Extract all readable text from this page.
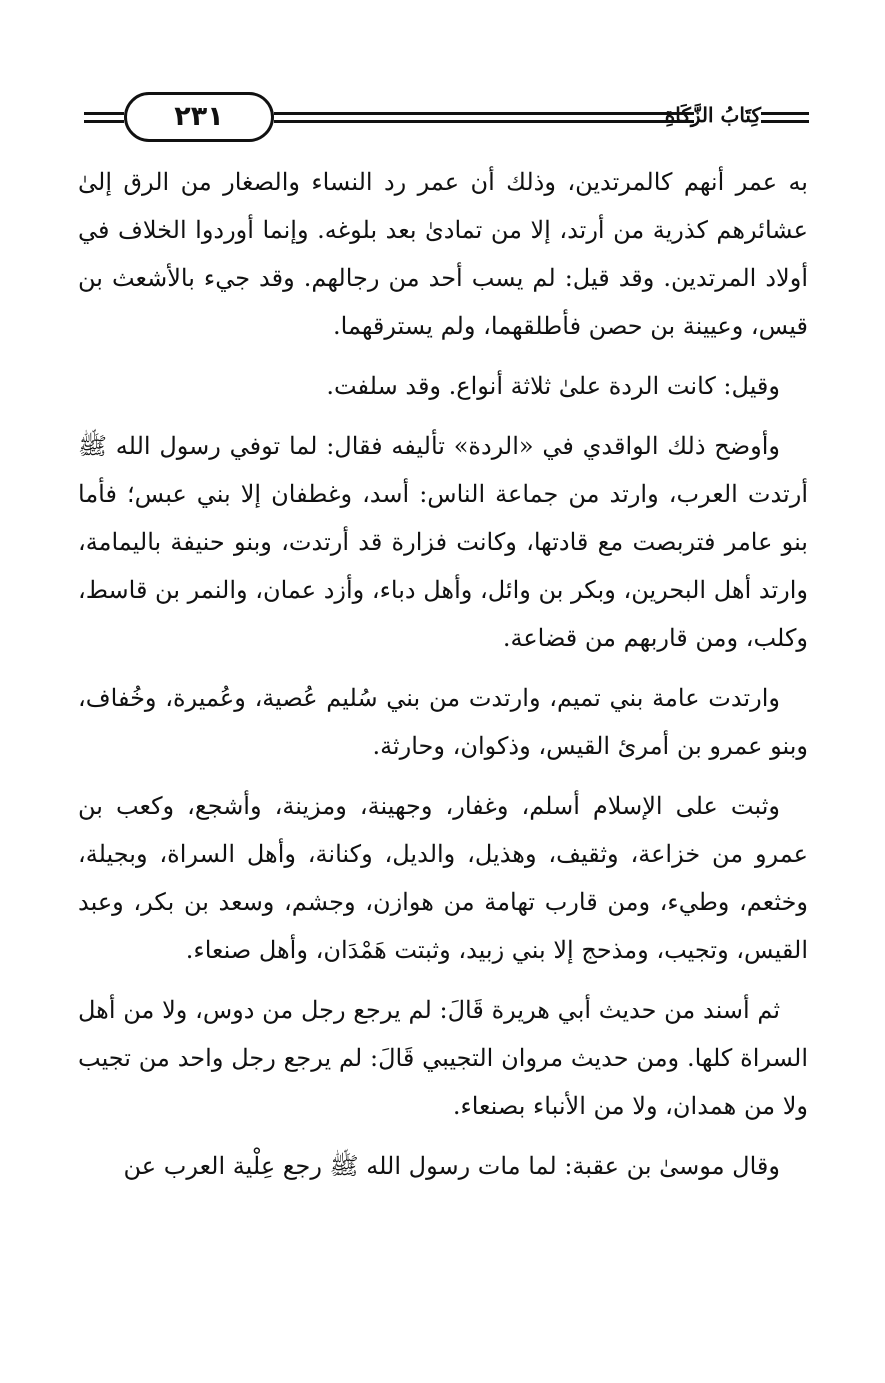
٢٣١	كِتَابُ الزَّكَاةِ

به عمر أنهم كالمرتدين، وذلك أن عمر رد النساء والصغار من الرق إلىٰ عشائرهم كذرية من أرتد، إلا من تمادىٰ بعد بلوغه. وإنما أوردوا الخلاف في أولاد المرتدين. وقد قيل: لم يسب أحد من رجالهم. وقد جيء بالأشعث بن قيس، وعيينة بن حصن فأطلقهما، ولم يسترقهما.

وقيل: كانت الردة علىٰ ثلاثة أنواع. وقد سلفت.

وأوضح ذلك الواقدي في «الردة» تأليفه فقال: لما توفي رسول الله ﷺ أرتدت العرب، وارتد من جماعة الناس: أسد، وغطفان إلا بني عبس؛ فأما بنو عامر فتربصت مع قادتها، وكانت فزارة قد أرتدت، وبنو حنيفة باليمامة، وارتد أهل البحرين، وبكر بن وائل، وأهل دباء، وأزد عمان، والنمر بن قاسط، وكلب، ومن قاربهم من قضاعة.

وارتدت عامة بني تميم، وارتدت من بني سُليم عُصية، وعُميرة، وخُفاف، وبنو عمرو بن أمرئ القيس، وذكوان، وحارثة.

وثبت على الإسلام أسلم، وغفار، وجهينة، ومزينة، وأشجع، وكعب بن عمرو من خزاعة، وثقيف، وهذيل، والديل، وكنانة، وأهل السراة، وبجيلة، وخثعم، وطيء، ومن قارب تهامة من هوازن، وجشم، وسعد بن بكر، وعبد القيس، وتجيب، ومذحج إلا بني زبيد، وثبتت هَمْدَان، وأهل صنعاء.

ثم أسند من حديث أبي هريرة قَالَ: لم يرجع رجل من دوس، ولا من أهل السراة كلها. ومن حديث مروان التجيبي قَالَ: لم يرجع رجل واحد من تجيب ولا من همدان، ولا من الأنباء بصنعاء.

وقال موسىٰ بن عقبة: لما مات رسول الله ﷺ رجع عِلْية العرب عن
